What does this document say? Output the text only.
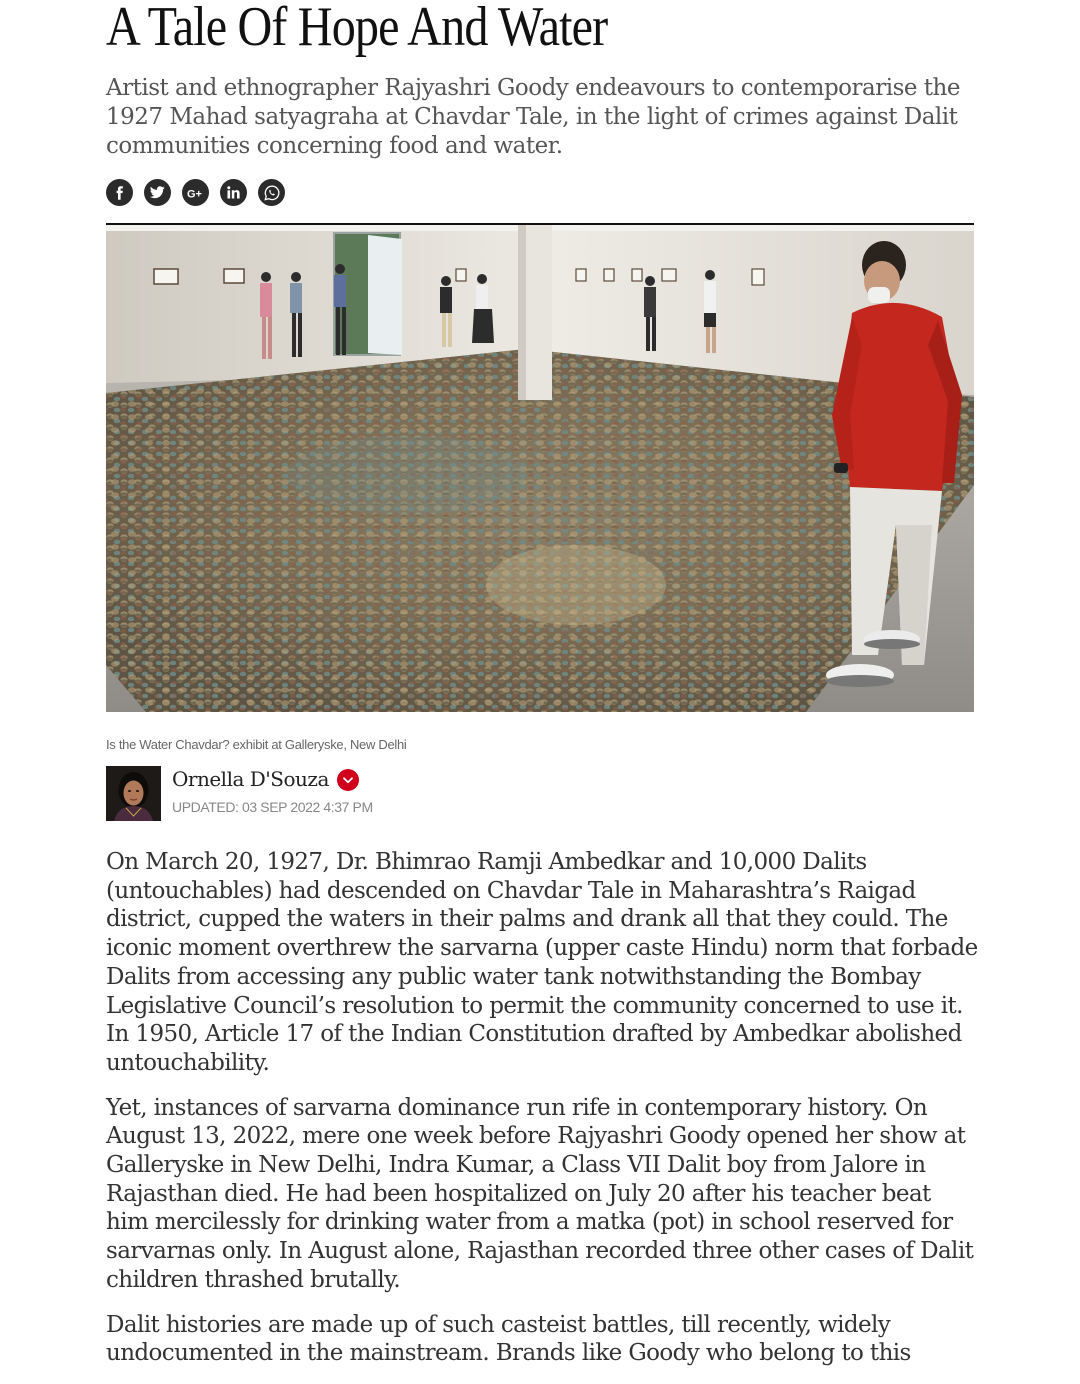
A Tale Of Hope And Water

Artist and ethnographer Rajyashri Goody endeavours to contemporarise the 1927 Mahad satyagraha at Chavdar Tale, in the light of crimes against Dalit communities concerning food and water.

G+

Is the Water Chavdar? exhibit at Galleryske, New Delhi

Ornella D'Souza
UPDATED: 03 SEP 2022 4:37 PM

On March 20, 1927, Dr. Bhimrao Ramji Ambedkar and 10,000 Dalits (untouchables) had descended on Chavdar Tale in Maharashtra’s Raigad district, cupped the waters in their palms and drank all that they could. The iconic moment overthrew the sarvarna (upper caste Hindu) norm that forbade Dalits from accessing any public water tank notwithstanding the Bombay Legislative Council’s resolution to permit the community concerned to use it. In 1950, Article 17 of the Indian Constitution drafted by Ambedkar abolished untouchability.

Yet, instances of sarvarna dominance run rife in contemporary history. On August 13, 2022, mere one week before Rajyashri Goody opened her show at Galleryske in New Delhi, Indra Kumar, a Class VII Dalit boy from Jalore in Rajasthan died. He had been hospitalized on July 20 after his teacher beat him mercilessly for drinking water from a matka (pot) in school reserved for sarvarnas only. In August alone, Rajasthan recorded three other cases of Dalit children thrashed brutally.

Dalit histories are made up of such casteist battles, till recently, widely undocumented in the mainstream. Brands like Goody who belong to this
